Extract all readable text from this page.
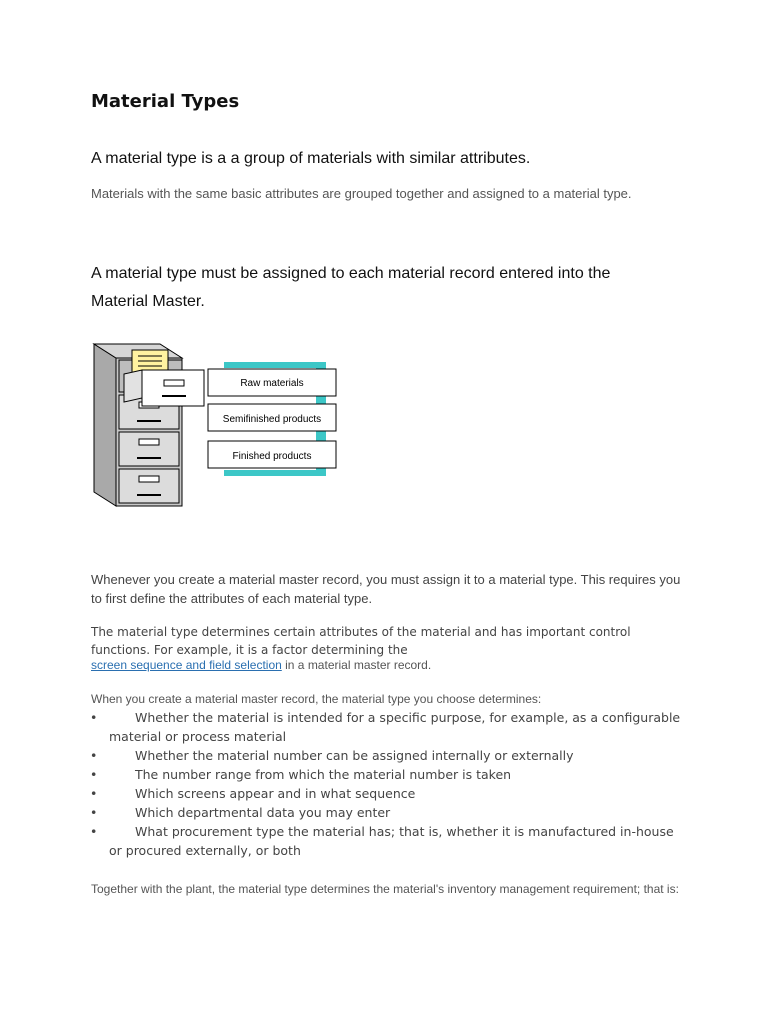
Material Types
A material type is a a group of materials with similar attributes.
Materials with the same basic attributes are grouped together and assigned to a material type.
A material type must be assigned to each material record entered into the Material Master.
Raw materials
Semifinished products
Finished products
Whenever you create a material master record, you must assign it to a material type. This requires you to first define the attributes of each material type.
The material type determines certain attributes of the material and has important control functions. For example, it is a factor determining the
screen sequence and field selection in a material master record.
When you create a material master record, the material type you choose determines:
•	Whether the material is intended for a specific purpose, for example, as a configurable material or process material
•	Whether the material number can be assigned internally or externally
•	The number range from which the material number is taken
•	Which screens appear and in what sequence
•	Which departmental data you may enter
•	What procurement type the material has; that is, whether it is manufactured in-house or procured externally, or both
Together with the plant, the material type determines the material's inventory management requirement; that is:
